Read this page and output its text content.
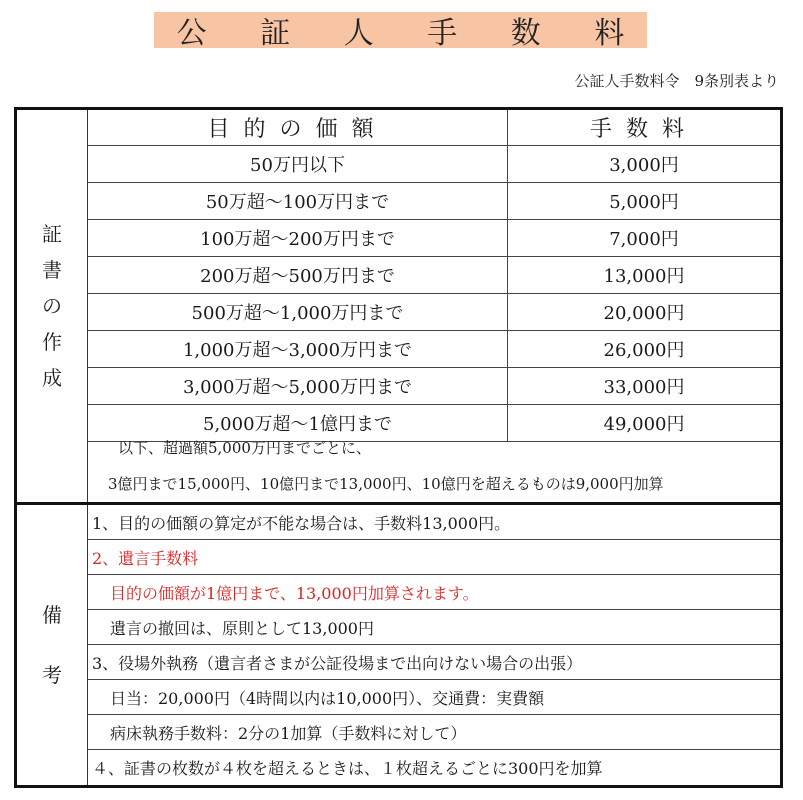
公 証 人 手 数 料
公証人手数料令　9条別表より
証
書
の
作
成
目的の価額	手数料
50万円以下	3,000円
50万超～100万円まで	5,000円
100万超～200万円まで	7,000円
200万超～500万円まで	13,000円
500万超～1,000万円まで	20,000円
1,000万超～3,000万円まで	26,000円
3,000万超～5,000万円まで	33,000円
5,000万超～1億円まで	49,000円
以下、超過額5,000万円までごとに、
3億円まで15,000円、10億円まで13,000円、10億円を超えるものは9,000円加算
備
考
1、目的の価額の算定が不能な場合は、手数料13,000円。
2、遺言手数料
目的の価額が1億円まで、13,000円加算されます。
遺言の撤回は、原則として13,000円
3、役場外執務（遺言者さまが公証役場まで出向けない場合の出張）
日当：20,000円（4時間以内は10,000円）、交通費：実費額
病床執務手数料：2分の1加算（手数料に対して）
４、証書の枚数が４枚を超えるときは、１枚超えるごとに300円を加算
